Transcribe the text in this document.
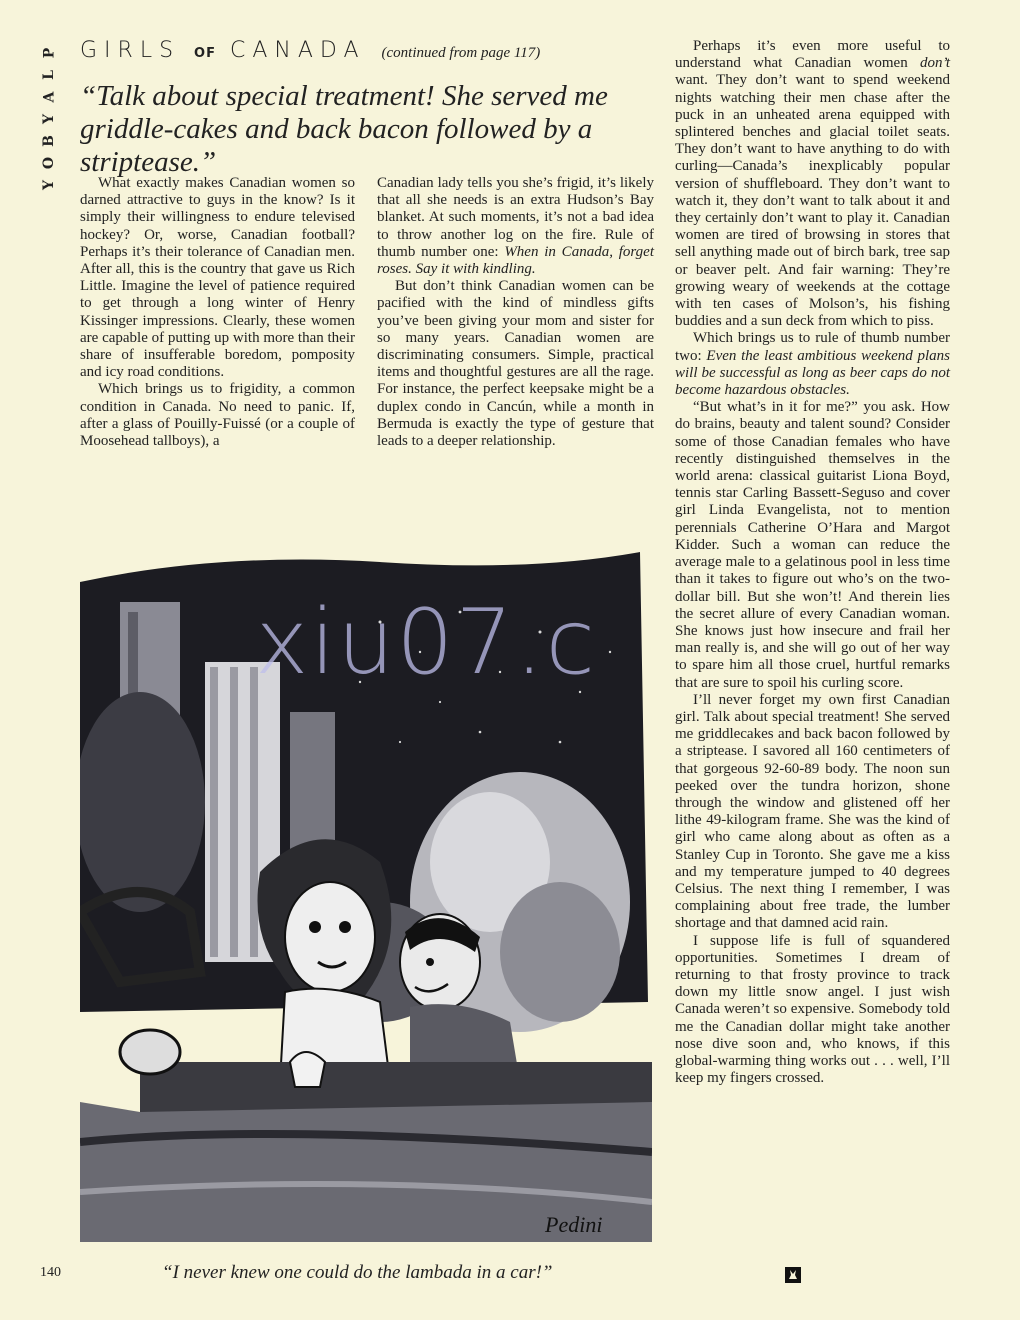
P
L
A
Y
B
O
Y
GIRLS OF CANADA (continued from page 117)
“Talk about special treatment! She served me griddle-cakes and back bacon followed by a striptease.”

What exactly makes Canadian women so darned attractive to guys in the know? Is it simply their willingness to endure televised hockey? Or, worse, Canadian football? Perhaps it’s their tolerance of Canadian men. After all, this is the country that gave us Rich Little. Imagine the level of patience required to get through a long winter of Henry Kissinger impressions. Clearly, these women are capable of putting up with more than their share of insufferable boredom, pomposity and icy road conditions.

Which brings us to frigidity, a common condition in Canada. No need to panic. If, after a glass of Pouilly-Fuissé (or a couple of Moosehead tallboys), a

Canadian lady tells you she’s frigid, it’s likely that all she needs is an extra Hudson’s Bay blanket. At such moments, it’s not a bad idea to throw another log on the fire. Rule of thumb number one: When in Canada, forget roses. Say it with kindling.

But don’t think Canadian women can be pacified with the kind of mindless gifts you’ve been giving your mom and sister for so many years. Canadian women are discriminating consumers. Simple, practical items and thoughtful gestures are all the rage. For instance, the perfect keepsake might be a duplex condo in Cancún, while a month in Bermuda is exactly the type of gesture that leads to a deeper relationship.

Perhaps it’s even more useful to understand what Canadian women don’t want. They don’t want to spend weekend nights watching their men chase after the puck in an unheated arena equipped with splintered benches and glacial toilet seats. They don’t want to have anything to do with curling—Canada’s inexplicably popular version of shuffleboard. They don’t want to watch it, they don’t want to talk about it and they certainly don’t want to play it. Canadian women are tired of browsing in stores that sell anything made out of birch bark, tree sap or beaver pelt. And fair warning: They’re growing weary of weekends at the cottage with ten cases of Molson’s, his fishing buddies and a sun deck from which to piss.

Which brings us to rule of thumb number two: Even the least ambitious weekend plans will be successful as long as beer caps do not become hazardous obstacles.

“But what’s in it for me?” you ask. How do brains, beauty and talent sound? Consider some of those Canadian females who have recently distinguished themselves in the world arena: classical guitarist Liona Boyd, tennis star Carling Bassett-Seguso and cover girl Linda Evangelista, not to mention perennials Catherine O’Hara and Margot Kidder. Such a woman can reduce the average male to a gelatinous pool in less time than it takes to figure out who’s on the two-dollar bill. But she won’t! And therein lies the secret allure of every Canadian woman. She knows just how insecure and frail her man really is, and she will go out of her way to spare him all those cruel, hurtful remarks that are sure to spoil his curling score.

I’ll never forget my own first Canadian girl. Talk about special treatment! She served me griddlecakes and back bacon followed by a striptease. I savored all 160 centimeters of that gorgeous 92-60-89 body. The noon sun peeked over the tundra horizon, shone through the window and glistened off her lithe 49-kilogram frame. She was the kind of girl who came along about as often as a Stanley Cup in Toronto. She gave me a kiss and my temperature jumped to 40 degrees Celsius. The next thing I remember, I was complaining about free trade, the lumber shortage and that damned acid rain.

I suppose life is full of squandered opportunities. Sometimes I dream of returning to that frosty province to track down my little snow angel. I just wish Canada weren’t so expensive. Somebody told me the Canadian dollar might take another nose dive soon and, who knows, if this global-warming thing works out . . . well, I’ll keep my fingers crossed.

Pedini
“I never knew one could do the lambada in a car!”
140
xiu07.c
